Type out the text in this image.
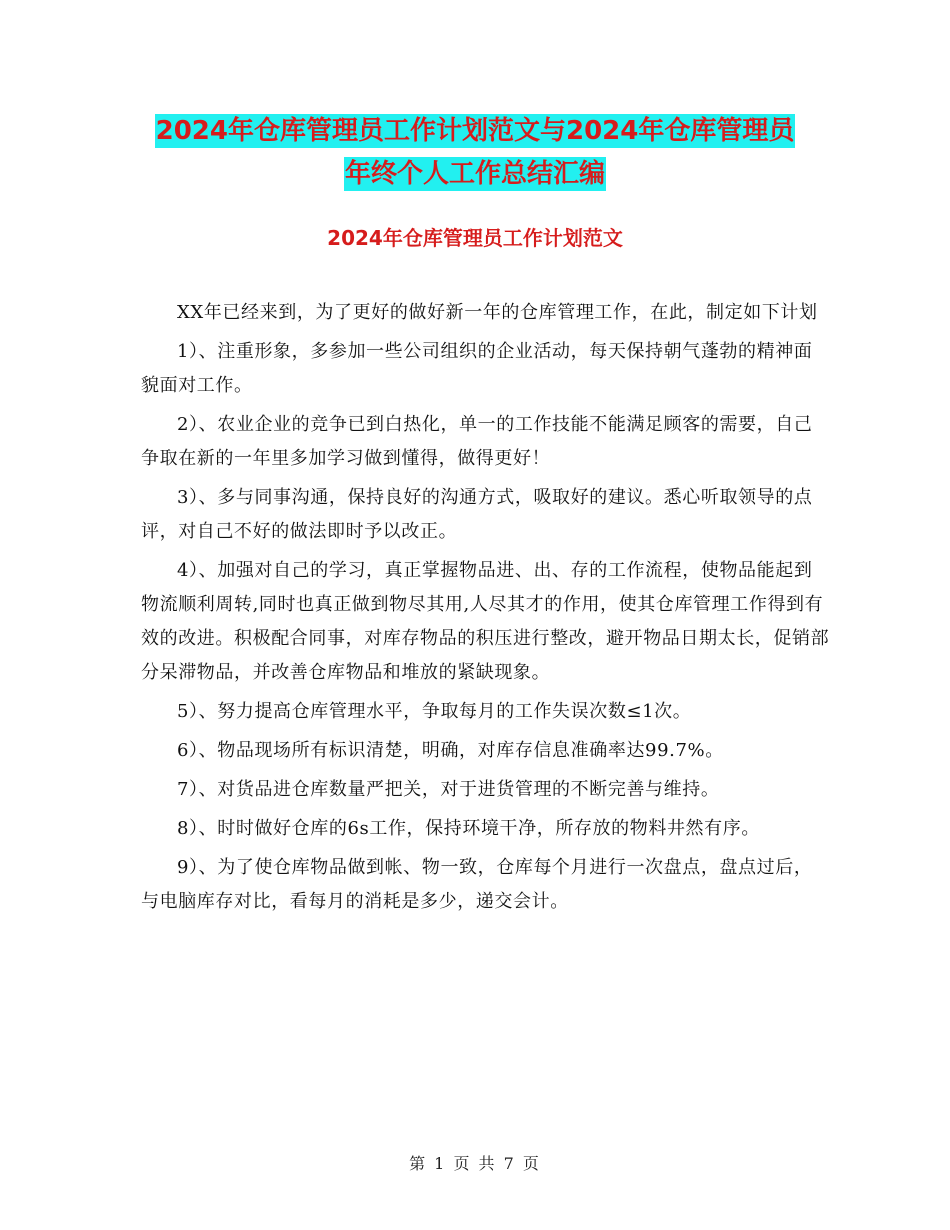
2024年仓库管理员工作计划范文与2024年仓库管理员
年终个人工作总结汇编
2024年仓库管理员工作计划范文

XX年已经来到，为了更好的做好新一年的仓库管理工作，在此，制定如下计划

1）、注重形象，多参加一些公司组织的企业活动，每天保持朝气蓬勃的精神面貌面对工作。

2）、农业企业的竞争已到白热化，单一的工作技能不能满足顾客的需要，自己争取在新的一年里多加学习做到懂得，做得更好！

3）、多与同事沟通，保持良好的沟通方式，吸取好的建议。悉心听取领导的点评，对自己不好的做法即时予以改正。

4）、加强对自己的学习，真正掌握物品进、出、存的工作流程，使物品能起到物流顺利周转,同时也真正做到物尽其用,人尽其才的作用，使其仓库管理工作得到有效的改进。积极配合同事，对库存物品的积压进行整改，避开物品日期太长，促销部分呆滞物品，并改善仓库物品和堆放的紧缺现象。

5）、努力提高仓库管理水平，争取每月的工作失误次数≤1次。

6）、物品现场所有标识清楚，明确，对库存信息准确率达99.7%。

7）、对货品进仓库数量严把关，对于进货管理的不断完善与维持。

8）、时时做好仓库的6s工作，保持环境干净，所存放的物料井然有序。

9）、为了使仓库物品做到帐、物一致，仓库每个月进行一次盘点，盘点过后，与电脑库存对比，看每月的消耗是多少，递交会计。

第 1 页 共 7 页
